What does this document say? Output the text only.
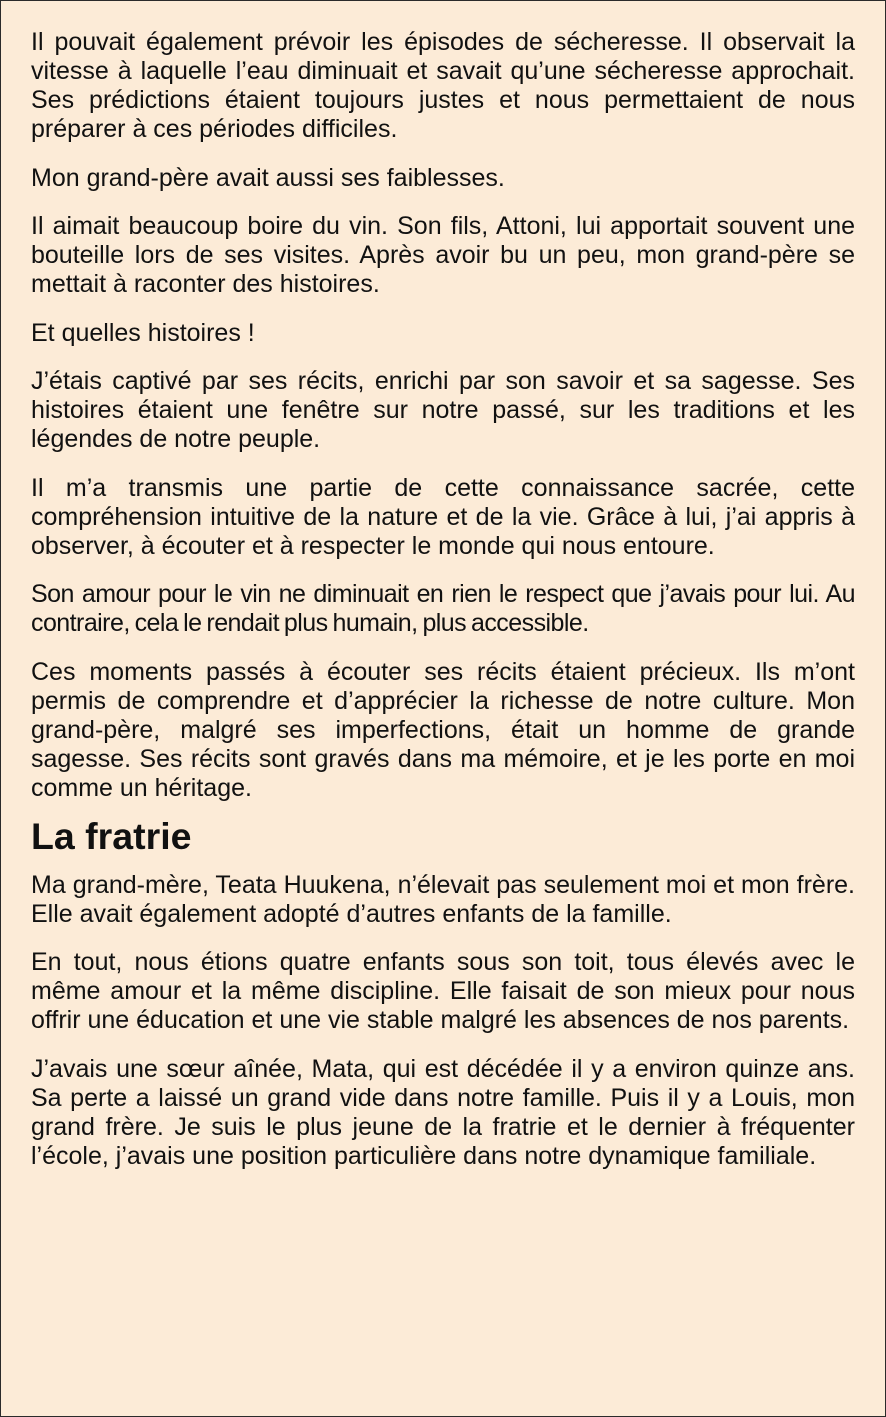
Il pouvait également prévoir les épisodes de sécheresse. Il observait la vitesse à laquelle l’eau diminuait et savait qu’une sécheresse approchait. Ses prédictions étaient toujours justes et nous permettaient de nous préparer à ces périodes difficiles.

Mon grand-père avait aussi ses faiblesses.

Il aimait beaucoup boire du vin. Son fils, Attoni, lui apportait souvent une bouteille lors de ses visites. Après avoir bu un peu, mon grand-père se mettait à raconter des histoires.

Et quelles histoires !

J’étais captivé par ses récits, enrichi par son savoir et sa sagesse. Ses histoires étaient une fenêtre sur notre passé, sur les traditions et les légendes de notre peuple.

Il m’a transmis une partie de cette connaissance sacrée, cette compréhension intuitive de la nature et de la vie. Grâce à lui, j’ai appris à observer, à écouter et à respecter le monde qui nous entoure.

Son amour pour le vin ne diminuait en rien le respect que j’avais pour lui. Au contraire, cela le rendait plus humain, plus accessible.

Ces moments passés à écouter ses récits étaient précieux. Ils m’ont permis de comprendre et d’apprécier la richesse de notre culture. Mon grand-père, malgré ses imperfections, était un homme de grande sagesse. Ses récits sont gravés dans ma mémoire, et je les porte en moi comme un héritage.

La fratrie

Ma grand-mère, Teata Huukena, n’élevait pas seulement moi et mon frère. Elle avait également adopté d’autres enfants de la famille.

En tout, nous étions quatre enfants sous son toit, tous élevés avec le même amour et la même discipline. Elle faisait de son mieux pour nous offrir une éducation et une vie stable malgré les absences de nos parents.

J’avais une sœur aînée, Mata, qui est décédée il y a environ quinze ans. Sa perte a laissé un grand vide dans notre famille. Puis il y a Louis, mon grand frère. Je suis le plus jeune de la fratrie et le dernier à fréquenter l’école, j’avais une position particulière dans notre dynamique familiale.
